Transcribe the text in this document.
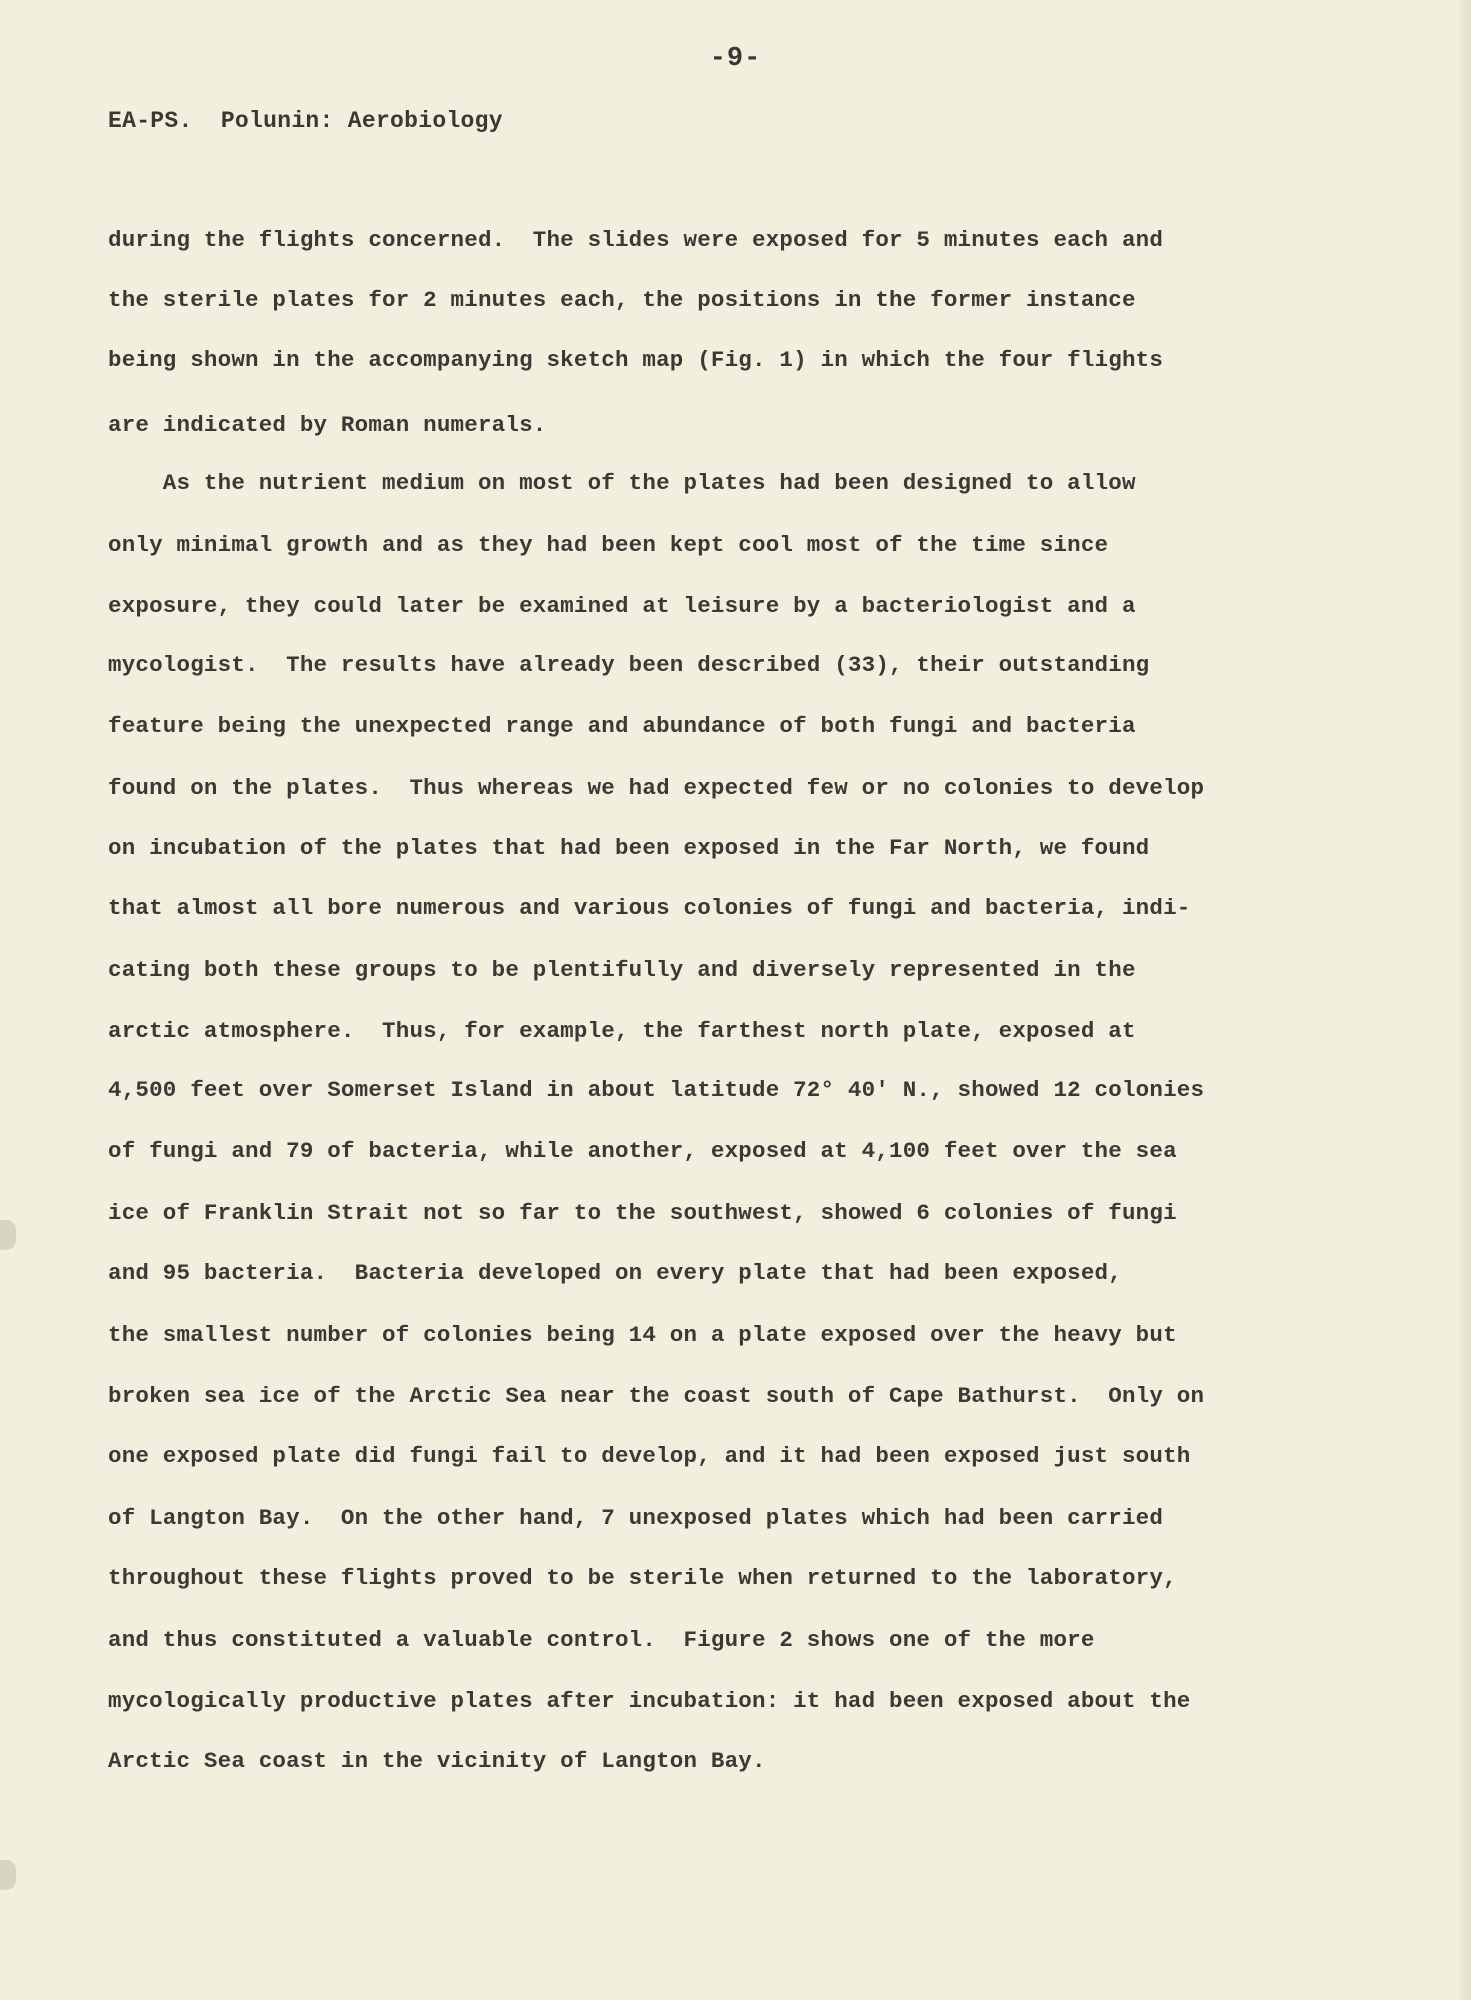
-9-
EA-PS.  Polunin: Aerobiology
during the flights concerned.  The slides were exposed for 5 minutes each and
the sterile plates for 2 minutes each, the positions in the former instance
being shown in the accompanying sketch map (Fig. 1) in which the four flights
are indicated by Roman numerals.
As the nutrient medium on most of the plates had been designed to allow
only minimal growth and as they had been kept cool most of the time since
exposure, they could later be examined at leisure by a bacteriologist and a
mycologist.  The results have already been described (33), their outstanding
feature being the unexpected range and abundance of both fungi and bacteria
found on the plates.  Thus whereas we had expected few or no colonies to develop
on incubation of the plates that had been exposed in the Far North, we found
that almost all bore numerous and various colonies of fungi and bacteria, indi-
cating both these groups to be plentifully and diversely represented in the
arctic atmosphere.  Thus, for example, the farthest north plate, exposed at
4,500 feet over Somerset Island in about latitude 72° 40' N., showed 12 colonies
of fungi and 79 of bacteria, while another, exposed at 4,100 feet over the sea
ice of Franklin Strait not so far to the southwest, showed 6 colonies of fungi
and 95 bacteria.  Bacteria developed on every plate that had been exposed,
the smallest number of colonies being 14 on a plate exposed over the heavy but
broken sea ice of the Arctic Sea near the coast south of Cape Bathurst.  Only on
one exposed plate did fungi fail to develop, and it had been exposed just south
of Langton Bay.  On the other hand, 7 unexposed plates which had been carried
throughout these flights proved to be sterile when returned to the laboratory,
and thus constituted a valuable control.  Figure 2 shows one of the more
mycologically productive plates after incubation: it had been exposed about the
Arctic Sea coast in the vicinity of Langton Bay.
